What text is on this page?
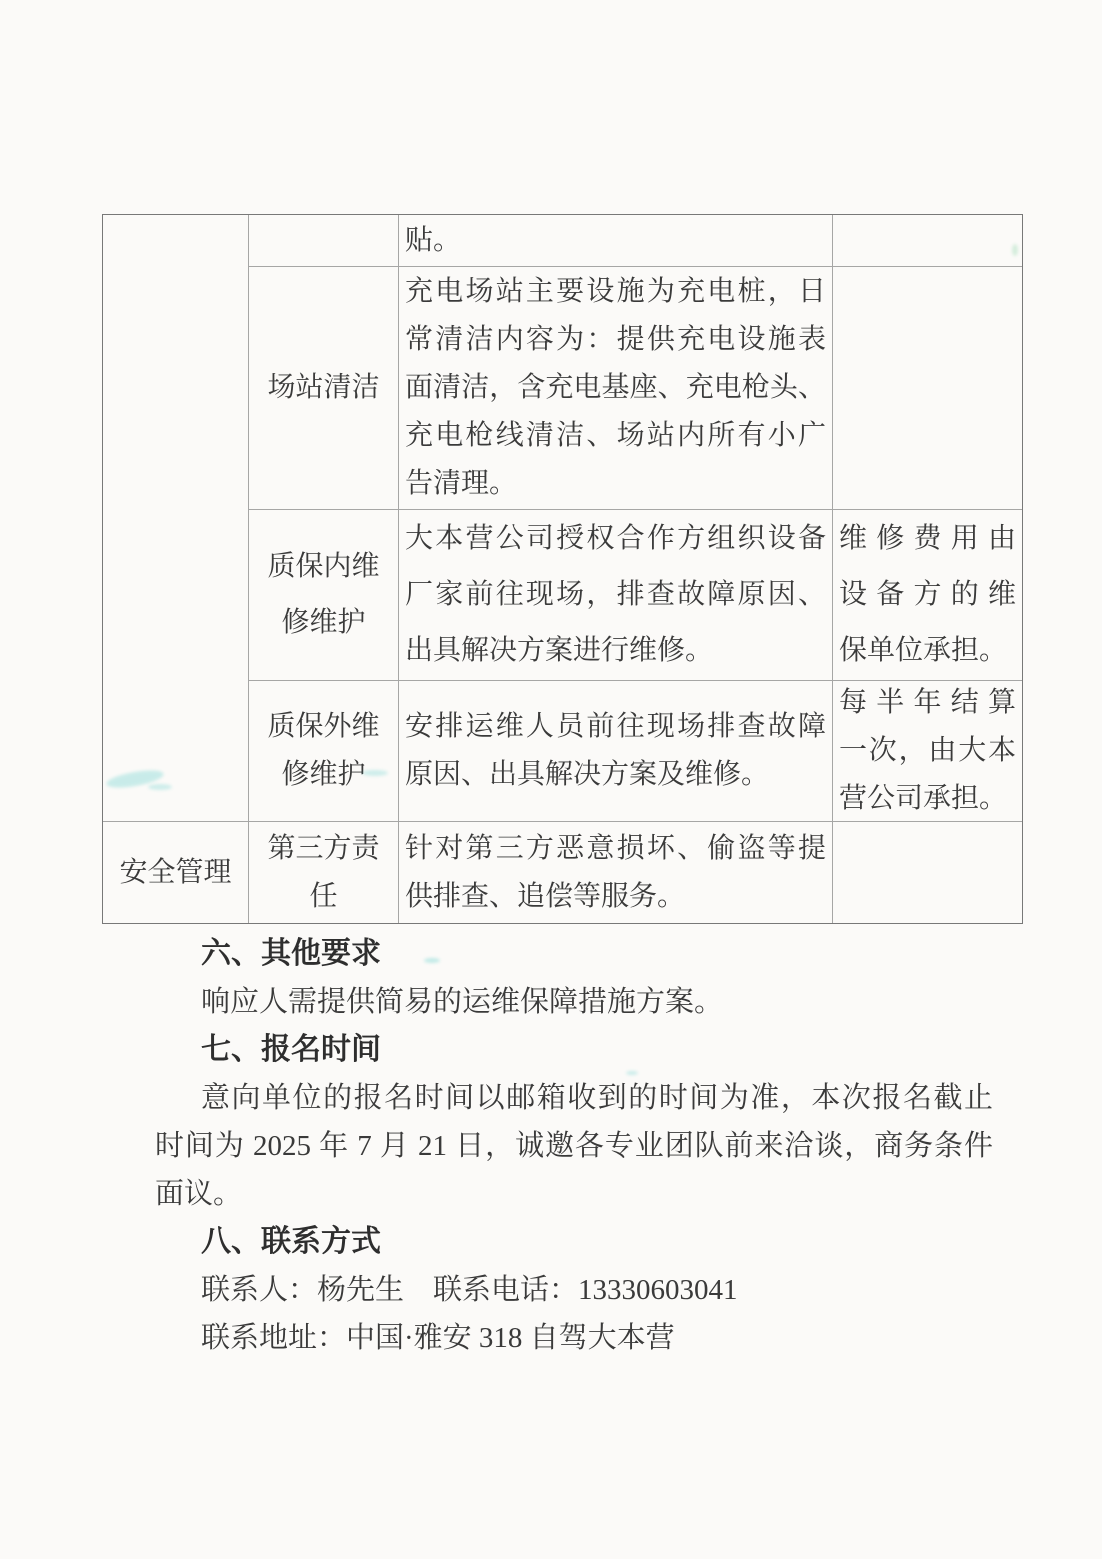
贴。
场站清洁
充电场站主要设施为充电桩，日
常清洁内容为：提供充电设施表
面清洁，含充电基座、充电枪头、
充电枪线清洁、场站内所有小广
告清理。
质保内维
修维护
大本营公司授权合作方组织设备
厂家前往现场，排查故障原因、
出具解决方案进行维修。
维修费用由
设备方的维
保单位承担。
质保外维
修维护
安排运维人员前往现场排查故障
原因、出具解决方案及维修。
每半年结算
一次，由大本
营公司承担。
安全管理
第三方责
任
针对第三方恶意损坏、偷盗等提
供排查、追偿等服务。
六、其他要求
响应人需提供简易的运维保障措施方案。
七、报名时间
意向单位的报名时间以邮箱收到的时间为准，本次报名截止
时间为 2025 年 7 月 21 日，诚邀各专业团队前来洽谈，商务条件
面议。
八、联系方式
联系人：杨先生　联系电话：13330603041
联系地址：中国·雅安 318 自驾大本营
